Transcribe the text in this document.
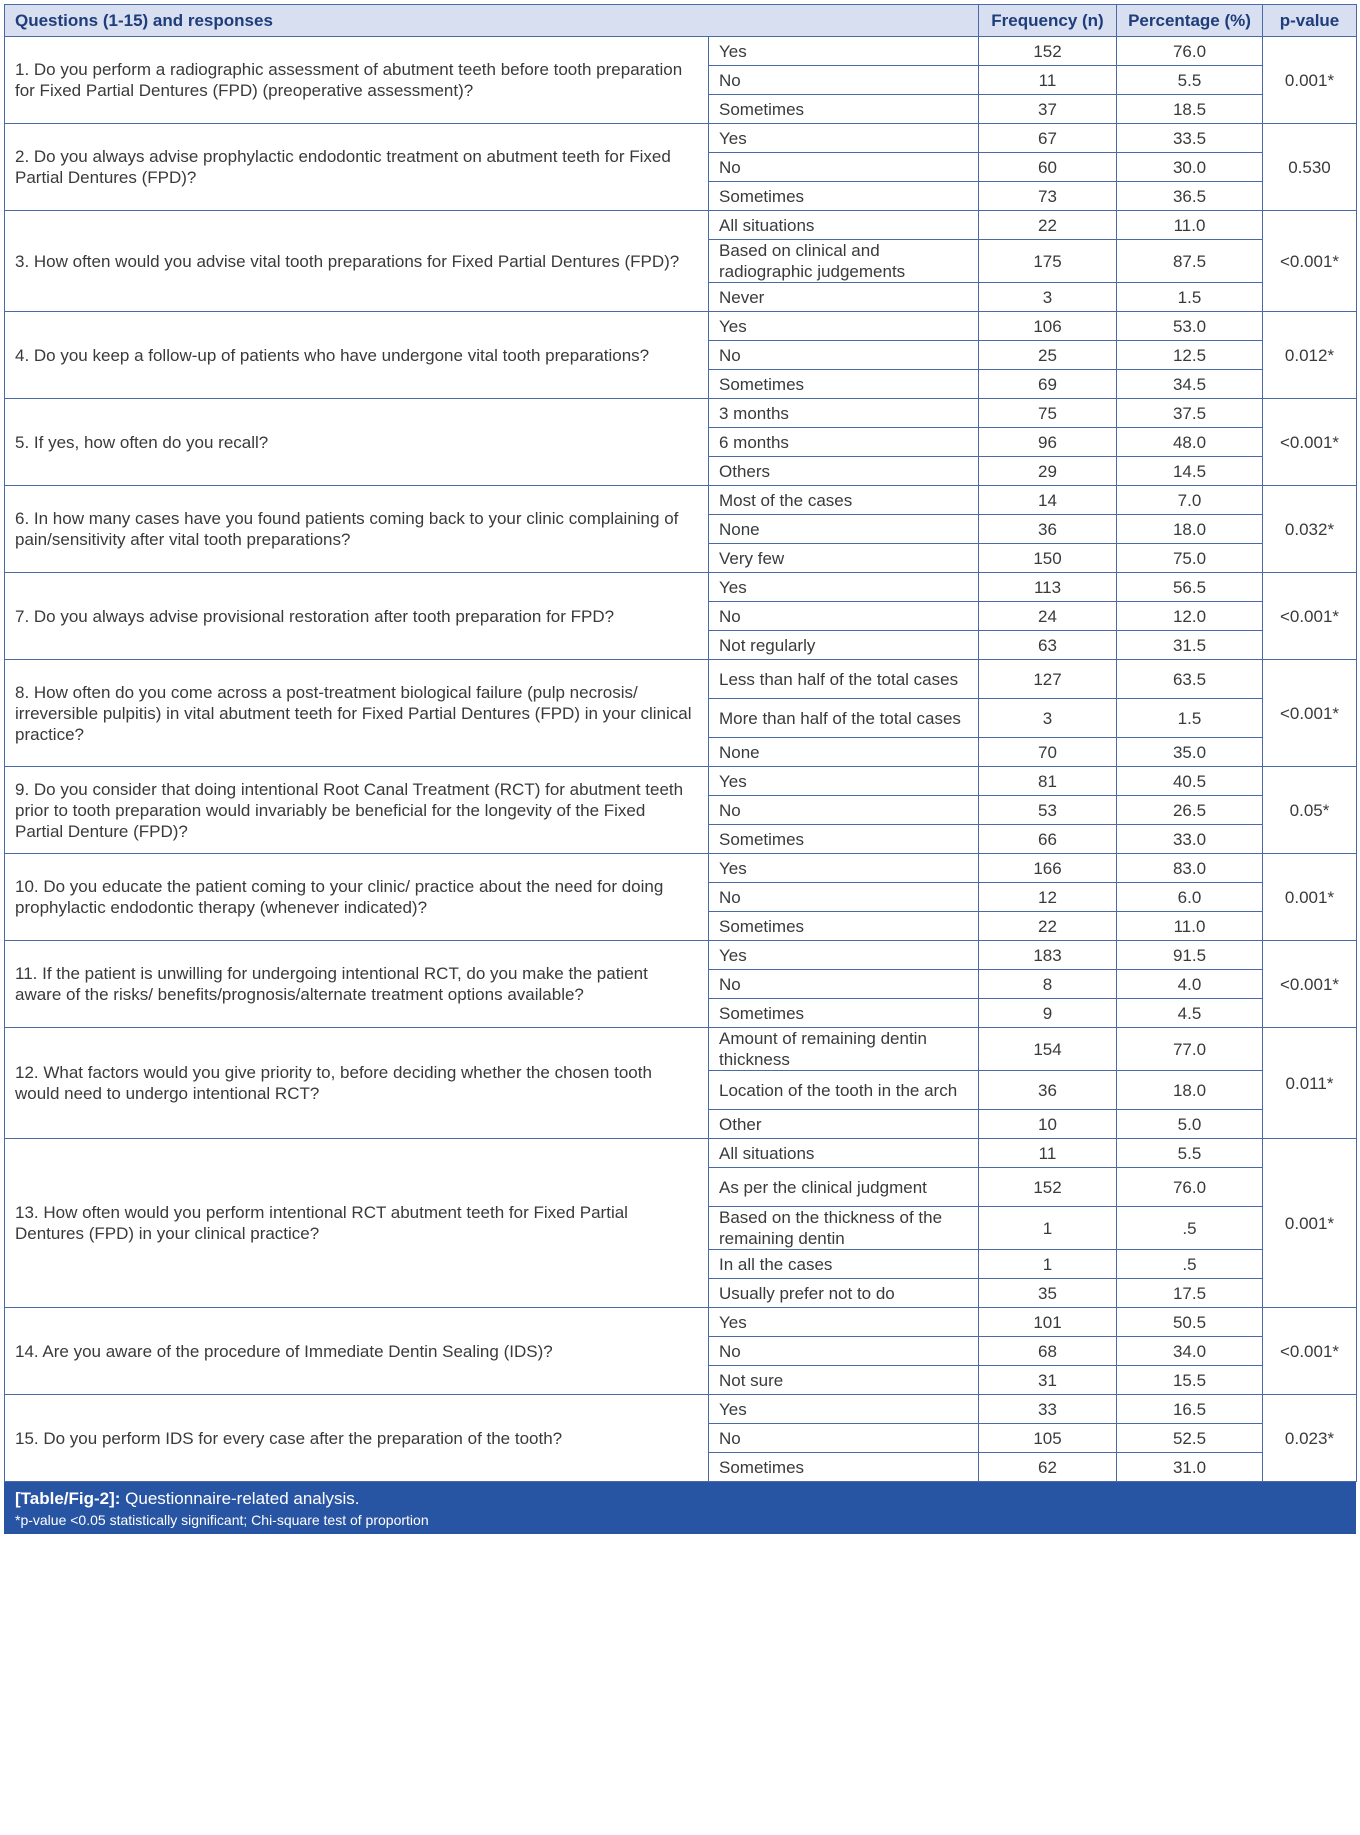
Questions (1-15) and responses		Frequency (n)	Percentage (%)	p-value
1. Do you perform a radiographic assessment of abutment teeth before tooth preparation for Fixed Partial Dentures (FPD) (preoperative assessment)?	Yes	152	76.0	0.001*
	No	11	5.5	
	Sometimes	37	18.5	
2. Do you always advise prophylactic endodontic treatment on abutment teeth for Fixed Partial Dentures (FPD)?	Yes	67	33.5	0.530
	No	60	30.0	
	Sometimes	73	36.5	
3. How often would you advise vital tooth preparations for Fixed Partial Dentures (FPD)?	All situations	22	11.0	<0.001*
	Based on clinical and radiographic judgements	175	87.5	
	Never	3	1.5	
4. Do you keep a follow-up of patients who have undergone vital tooth preparations?	Yes	106	53.0	0.012*
	No	25	12.5	
	Sometimes	69	34.5	
5. If yes, how often do you recall?	3 months	75	37.5	<0.001*
	6 months	96	48.0	
	Others	29	14.5	
6. In how many cases have you found patients coming back to your clinic complaining of pain/sensitivity after vital tooth preparations?	Most of the cases	14	7.0	0.032*
	None	36	18.0	
	Very few	150	75.0	
7. Do you always advise provisional restoration after tooth preparation for FPD?	Yes	113	56.5	<0.001*
	No	24	12.0	
	Not regularly	63	31.5	
8. How often do you come across a post-treatment biological failure (pulp necrosis/ irreversible pulpitis) in vital abutment teeth for Fixed Partial Dentures (FPD) in your clinical practice?	Less than half of the total cases	127	63.5	<0.001*
	More than half of the total cases	3	1.5	
	None	70	35.0	
9. Do you consider that doing intentional Root Canal Treatment (RCT) for abutment teeth prior to tooth preparation would invariably be beneficial for the longevity of the Fixed Partial Denture (FPD)?	Yes	81	40.5	0.05*
	No	53	26.5	
	Sometimes	66	33.0	
10. Do you educate the patient coming to your clinic/ practice about the need for doing prophylactic endodontic therapy (whenever indicated)?	Yes	166	83.0	0.001*
	No	12	6.0	
	Sometimes	22	11.0	
11. If the patient is unwilling for undergoing intentional RCT, do you make the patient aware of the risks/ benefits/prognosis/alternate treatment options available?	Yes	183	91.5	<0.001*
	No	8	4.0	
	Sometimes	9	4.5	
12. What factors would you give priority to, before deciding whether the chosen tooth would need to undergo intentional RCT?	Amount of remaining dentin thickness	154	77.0	0.011*
	Location of the tooth in the arch	36	18.0	
	Other	10	5.0	
13. How often would you perform intentional RCT abutment teeth for Fixed Partial Dentures (FPD) in your clinical practice?	All situations	11	5.5	0.001*
	As per the clinical judgment	152	76.0	
	Based on the thickness of the remaining dentin	1	.5	
	In all the cases	1	.5	
	Usually prefer not to do	35	17.5	
14. Are you aware of the procedure of Immediate Dentin Sealing (IDS)?	Yes	101	50.5	<0.001*
	No	68	34.0	
	Not sure	31	15.5	
15. Do you perform IDS for every case after the preparation of the tooth?	Yes	33	16.5	0.023*
	No	105	52.5	
	Sometimes	62	31.0	
[Table/Fig-2]: Questionnaire-related analysis.
*p-value <0.05 statistically significant; Chi-square test of proportion
